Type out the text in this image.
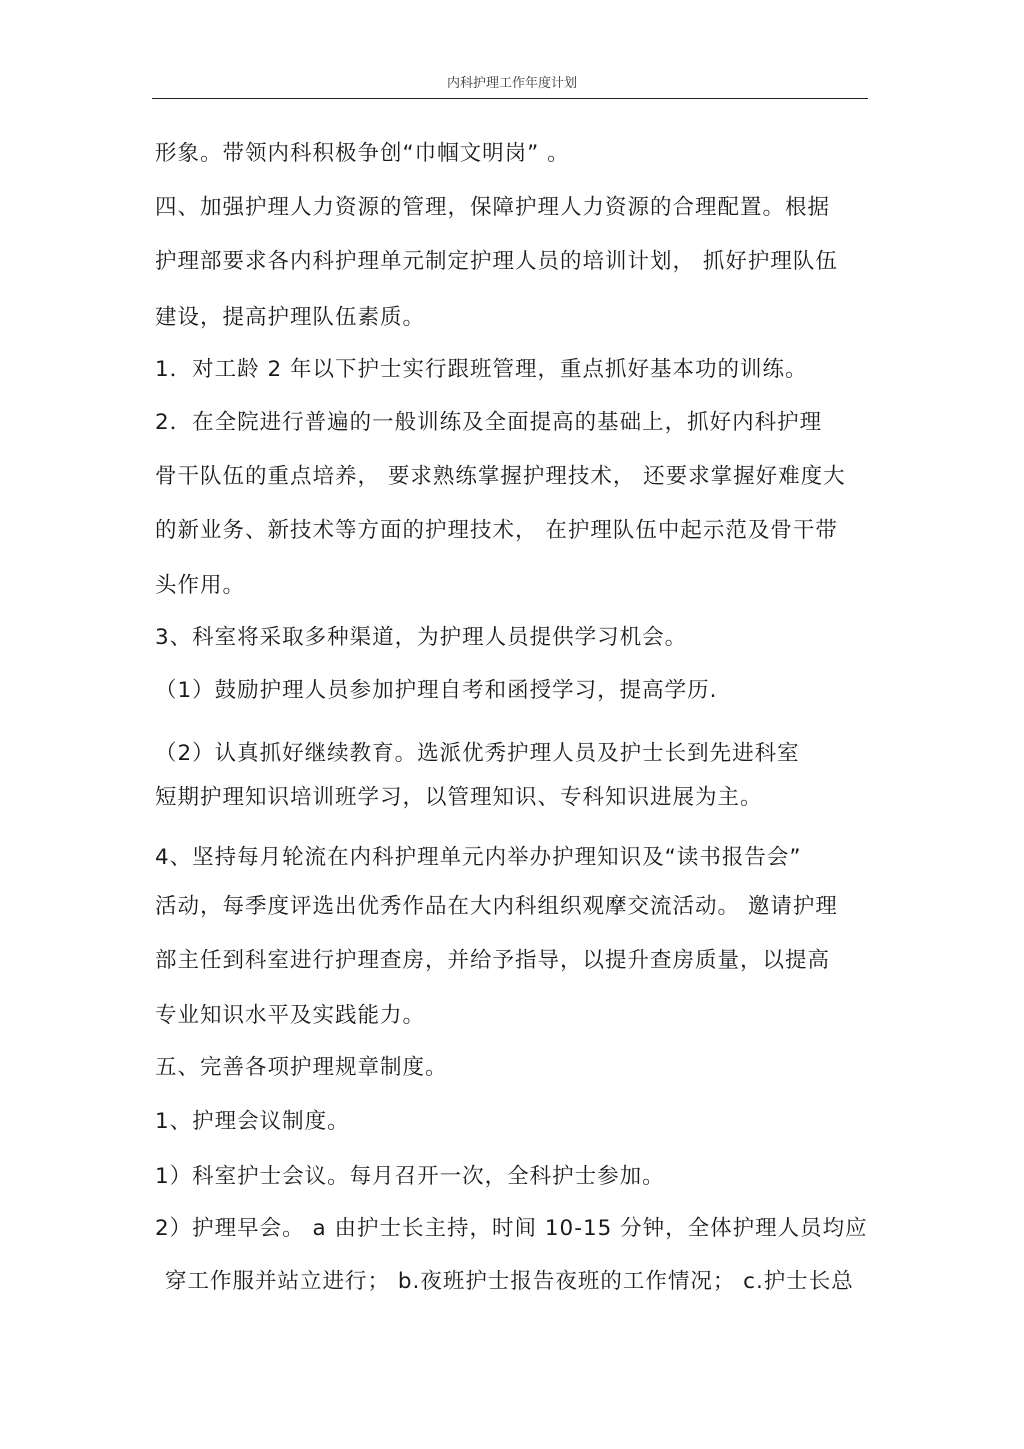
内科护理工作年度计划
形象。带领内科积极争创“巾帼文明岗” 。
四、加强护理人力资源的管理，保障护理人力资源的合理配置。根据
护理部要求各内科护理单元制定护理人员的培训计划， 抓好护理队伍
建设，提高护理队伍素质。
1．对工龄 2 年以下护士实行跟班管理，重点抓好基本功的训练。
2．在全院进行普遍的一般训练及全面提高的基础上，抓好内科护理
骨干队伍的重点培养， 要求熟练掌握护理技术， 还要求掌握好难度大
的新业务、新技术等方面的护理技术， 在护理队伍中起示范及骨干带
头作用。
3、科室将采取多种渠道，为护理人员提供学习机会。
（1）鼓励护理人员参加护理自考和函授学习，提高学历.
（2）认真抓好继续教育。选派优秀护理人员及护士长到先进科室
短期护理知识培训班学习，以管理知识、专科知识进展为主。
4、坚持每月轮流在内科护理单元内举办护理知识及“读书报告会”
活动，每季度评选出优秀作品在大内科组织观摩交流活动。 邀请护理
部主任到科室进行护理查房，并给予指导，以提升查房质量，以提高
专业知识水平及实践能力。
五、完善各项护理规章制度。
1、护理会议制度。
1）科室护士会议。每月召开一次，全科护士参加。
2）护理早会。 a 由护士长主持，时间 10-15 分钟，全体护理人员均应
穿工作服并站立进行； b.夜班护士报告夜班的工作情况； c.护士长总
